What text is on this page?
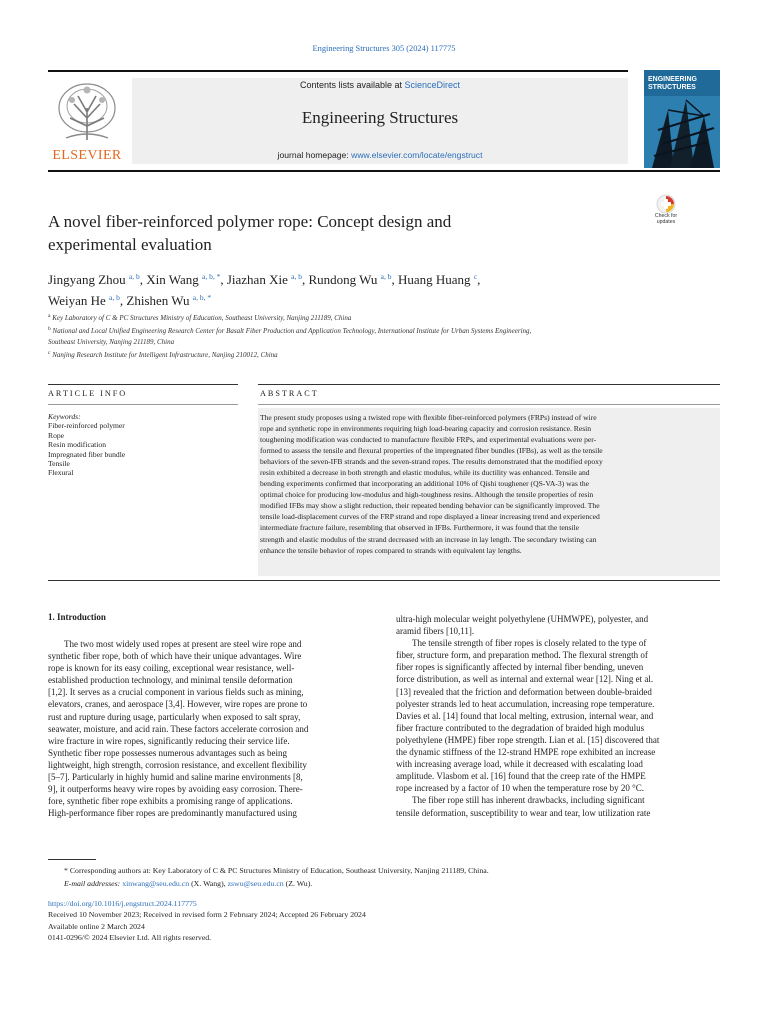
Engineering Structures 305 (2024) 117775
ELSEVIER
Contents lists available at ScienceDirect
Engineering Structures
journal homepage: www.elsevier.com/locate/engstruct
ENGINEERING STRUCTURES
Check for updates
A novel fiber-reinforced polymer rope: Concept design and
experimental evaluation
Jingyang Zhou $^{a, b}$, Xin Wang $^{a, b, *}$, Jiazhan Xie $^{a, b}$, Rundong Wu $^{a, b}$, Huang Huang $^c$,
Weiyan He $^{a, b}$, Zhishen Wu $^{a, b, *}$
$^a$ Key Laboratory of C & PC Structures Ministry of Education, Southeast University, Nanjing 211189, China
$^b$ National and Local Unified Engineering Research Center for Basalt Fiber Production and Application Technology, International Institute for Urban Systems Engineering,
Southeast University, Nanjing 211189, China
$^c$ Nanjing Research Institute for Intelligent Infrastructure, Nanjing 210012, China
ARTICLE INFO	ABSTRACT
Keywords:
Fiber-reinforced polymer
Rope
Resin modification
Impregnated fiber bundle
Tensile
Flexural
The present study proposes using a twisted rope with flexible fiber-reinforced polymers (FRPs) instead of wire
rope and synthetic rope in environments requiring high load-bearing capacity and corrosion resistance. Resin
toughening modification was conducted to manufacture flexible FRPs, and experimental evaluations were per-
formed to assess the tensile and flexural properties of the impregnated fiber bundles (IFBs), as well as the tensile
behaviors of the seven-IFB strands and the seven-strand ropes. The results demonstrated that the modified epoxy
resin exhibited a decrease in both strength and elastic modulus, while its ductility was enhanced. Tensile and
bending experiments confirmed that incorporating an additional 10% of Qishi toughener (QS-VA-3) was the
optimal choice for producing low-modulus and high-toughness resins. Although the tensile properties of resin
modified IFBs may show a slight reduction, their repeated bending behavior can be significantly improved. The
tensile load-displacement curves of the FRP strand and rope displayed a linear increasing trend and experienced
intermediate fracture failure, resembling that observed in IFBs. Furthermore, it was found that the tensile
strength and elastic modulus of the strand decreased with an increase in lay length. The secondary twisting can
enhance the tensile behavior of ropes compared to strands with equivalent lay lengths.
1. Introduction
The two most widely used ropes at present are steel wire rope and
synthetic fiber rope, both of which have their unique advantages. Wire
rope is known for its easy coiling, exceptional wear resistance, well-
established production technology, and minimal tensile deformation
[1,2]. It serves as a crucial component in various fields such as mining,
elevators, cranes, and aerospace [3,4]. However, wire ropes are prone to
rust and rupture during usage, particularly when exposed to salt spray,
seawater, moisture, and acid rain. These factors accelerate corrosion and
wire fracture in wire ropes, significantly reducing their service life.
Synthetic fiber rope possesses numerous advantages such as being
lightweight, high strength, corrosion resistance, and excellent flexibility
[5–7]. Particularly in highly humid and saline marine environments [8,
9], it outperforms heavy wire ropes by avoiding easy corrosion. There-
fore, synthetic fiber rope exhibits a promising range of applications.
High-performance fiber ropes are predominantly manufactured using
ultra-high molecular weight polyethylene (UHMWPE), polyester, and
aramid fibers [10,11].
The tensile strength of fiber ropes is closely related to the type of
fiber, structure form, and preparation method. The flexural strength of
fiber ropes is significantly affected by internal fiber bending, uneven
force distribution, as well as internal and external wear [12]. Ning et al.
[13] revealed that the friction and deformation between double-braided
polyester strands led to heat accumulation, increasing rope temperature.
Davies et al. [14] found that local melting, extrusion, internal wear, and
fiber fracture contributed to the degradation of braided high modulus
polyethylene (HMPE) fiber rope strength. Lian et al. [15] discovered that
the dynamic stiffness of the 12-strand HMPE rope exhibited an increase
with increasing average load, while it decreased with escalating load
amplitude. Vlasbom et al. [16] found that the creep rate of the HMPE
rope increased by a factor of 10 when the temperature rose by 20 °C.
The fiber rope still has inherent drawbacks, including significant
tensile deformation, susceptibility to wear and tear, low utilization rate
* Corresponding authors at: Key Laboratory of C & PC Structures Ministry of Education, Southeast University, Nanjing 211189, China.
E-mail addresses: xinwang@seu.edu.cn (X. Wang), zswu@seu.edu.cn (Z. Wu).
https://doi.org/10.1016/j.engstruct.2024.117775
Received 10 November 2023; Received in revised form 2 February 2024; Accepted 26 February 2024
Available online 2 March 2024
0141-0296/© 2024 Elsevier Ltd. All rights reserved.
